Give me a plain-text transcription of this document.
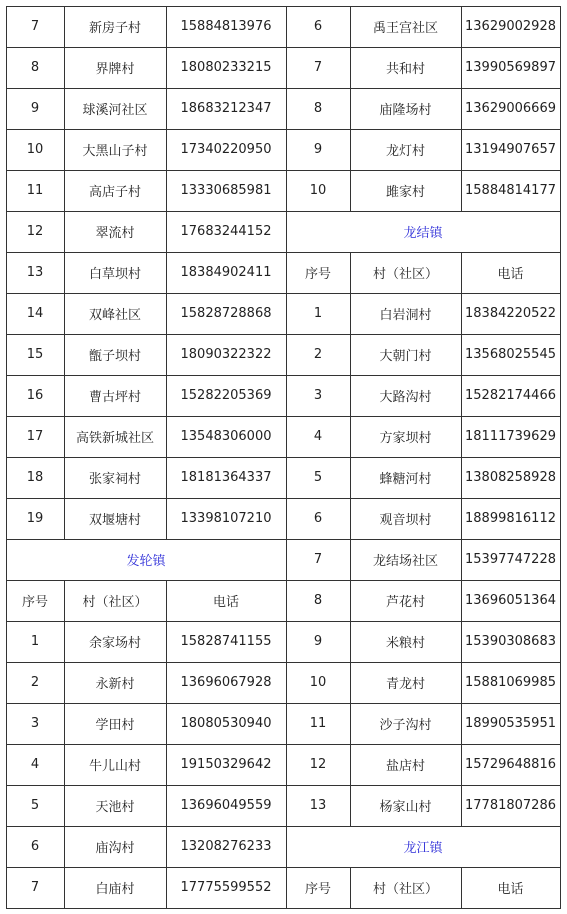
7	新房子村	15884813976
8	界牌村	18080233215
9	球溪河社区	18683212347
10	大黑山子村	17340220950
11	高店子村	13330685981
12	翠流村	17683244152
13	白草坝村	18384902411
14	双峰社区	15828728868
15	甑子坝村	18090322322
16	曹古坪村	15282205369
17	高铁新城社区	13548306000
18	张家祠村	18181364337
19	双堰塘村	13398107210
发轮镇
序号	村（社区）	电话
1	余家场村	15828741155
2	永新村	13696067928
3	学田村	18080530940
4	牛儿山村	19150329642
5	天池村	13696049559
6	庙沟村	13208276233
7	白庙村	17775599552
6	禹王宫社区	13629002928
7	共和村	13990569897
8	庙隆场村	13629006669
9	龙灯村	13194907657
10	雎家村	15884814177
龙结镇
序号	村（社区）	电话
1	白岩洞村	18384220522
2	大朝门村	13568025545
3	大路沟村	15282174466
4	方家坝村	18111739629
5	蜂糖河村	13808258928
6	观音坝村	18899816112
7	龙结场社区	15397747228
8	芦花村	13696051364
9	米粮村	15390308683
10	青龙村	15881069985
11	沙子沟村	18990535951
12	盐店村	15729648816
13	杨家山村	17781807286
龙江镇
序号	村（社区）	电话
